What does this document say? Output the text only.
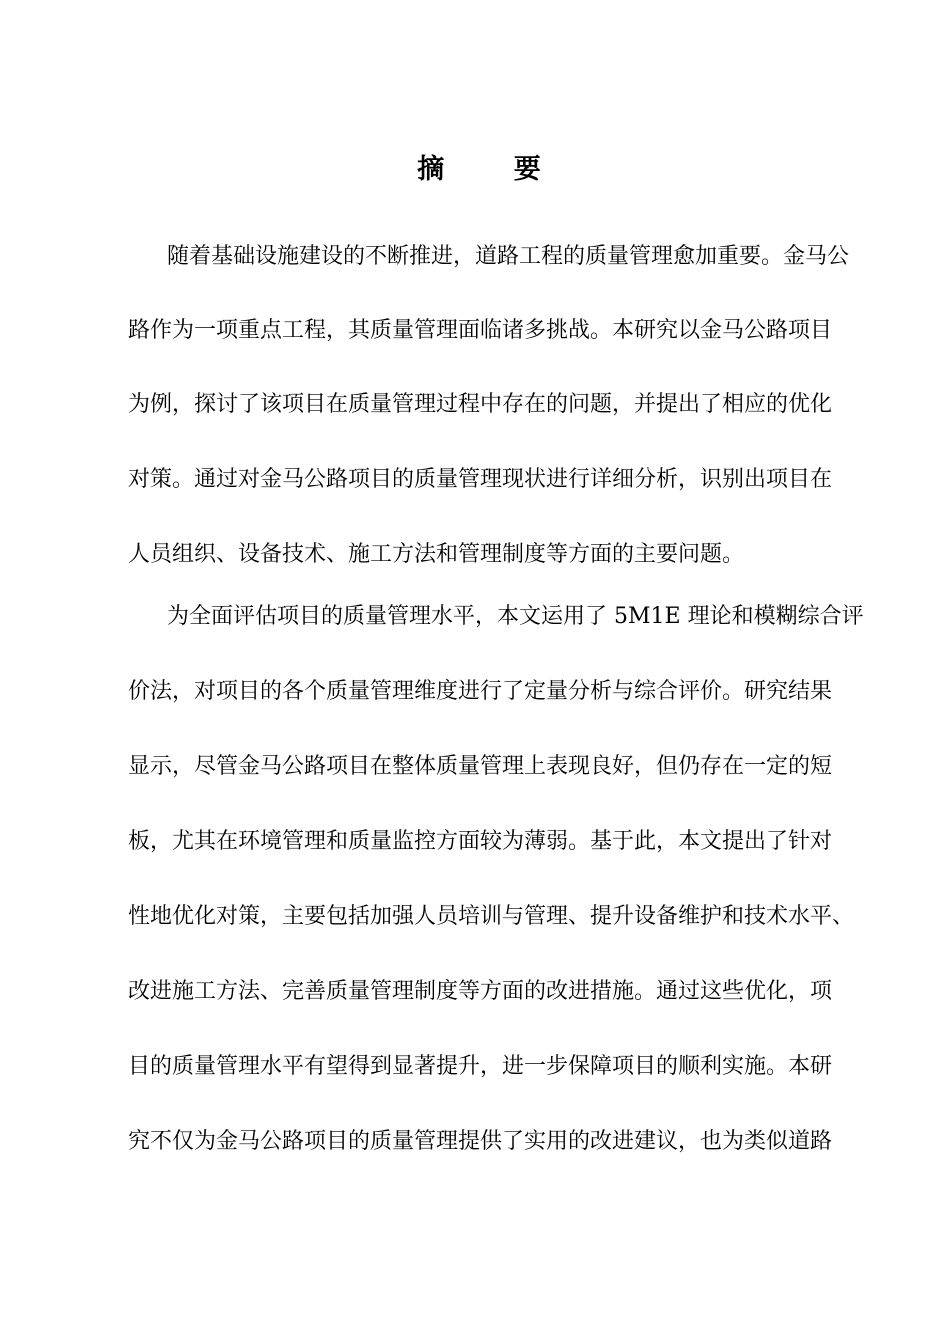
摘 要
随着基础设施建设的不断推进，道路工程的质量管理愈加重要。金马公
路作为一项重点工程，其质量管理面临诸多挑战。本研究以金马公路项目
为例，探讨了该项目在质量管理过程中存在的问题，并提出了相应的优化
对策。通过对金马公路项目的质量管理现状进行详细分析，识别出项目在
人员组织、设备技术、施工方法和管理制度等方面的主要问题。
为全面评估项目的质量管理水平，本文运用了 5M1E 理论和模糊综合评
价法，对项目的各个质量管理维度进行了定量分析与综合评价。研究结果
显示，尽管金马公路项目在整体质量管理上表现良好，但仍存在一定的短
板，尤其在环境管理和质量监控方面较为薄弱。基于此，本文提出了针对
性地优化对策，主要包括加强人员培训与管理、提升设备维护和技术水平、
改进施工方法、完善质量管理制度等方面的改进措施。通过这些优化，项
目的质量管理水平有望得到显著提升，进一步保障项目的顺利实施。本研
究不仅为金马公路项目的质量管理提供了实用的改进建议，也为类似道路
